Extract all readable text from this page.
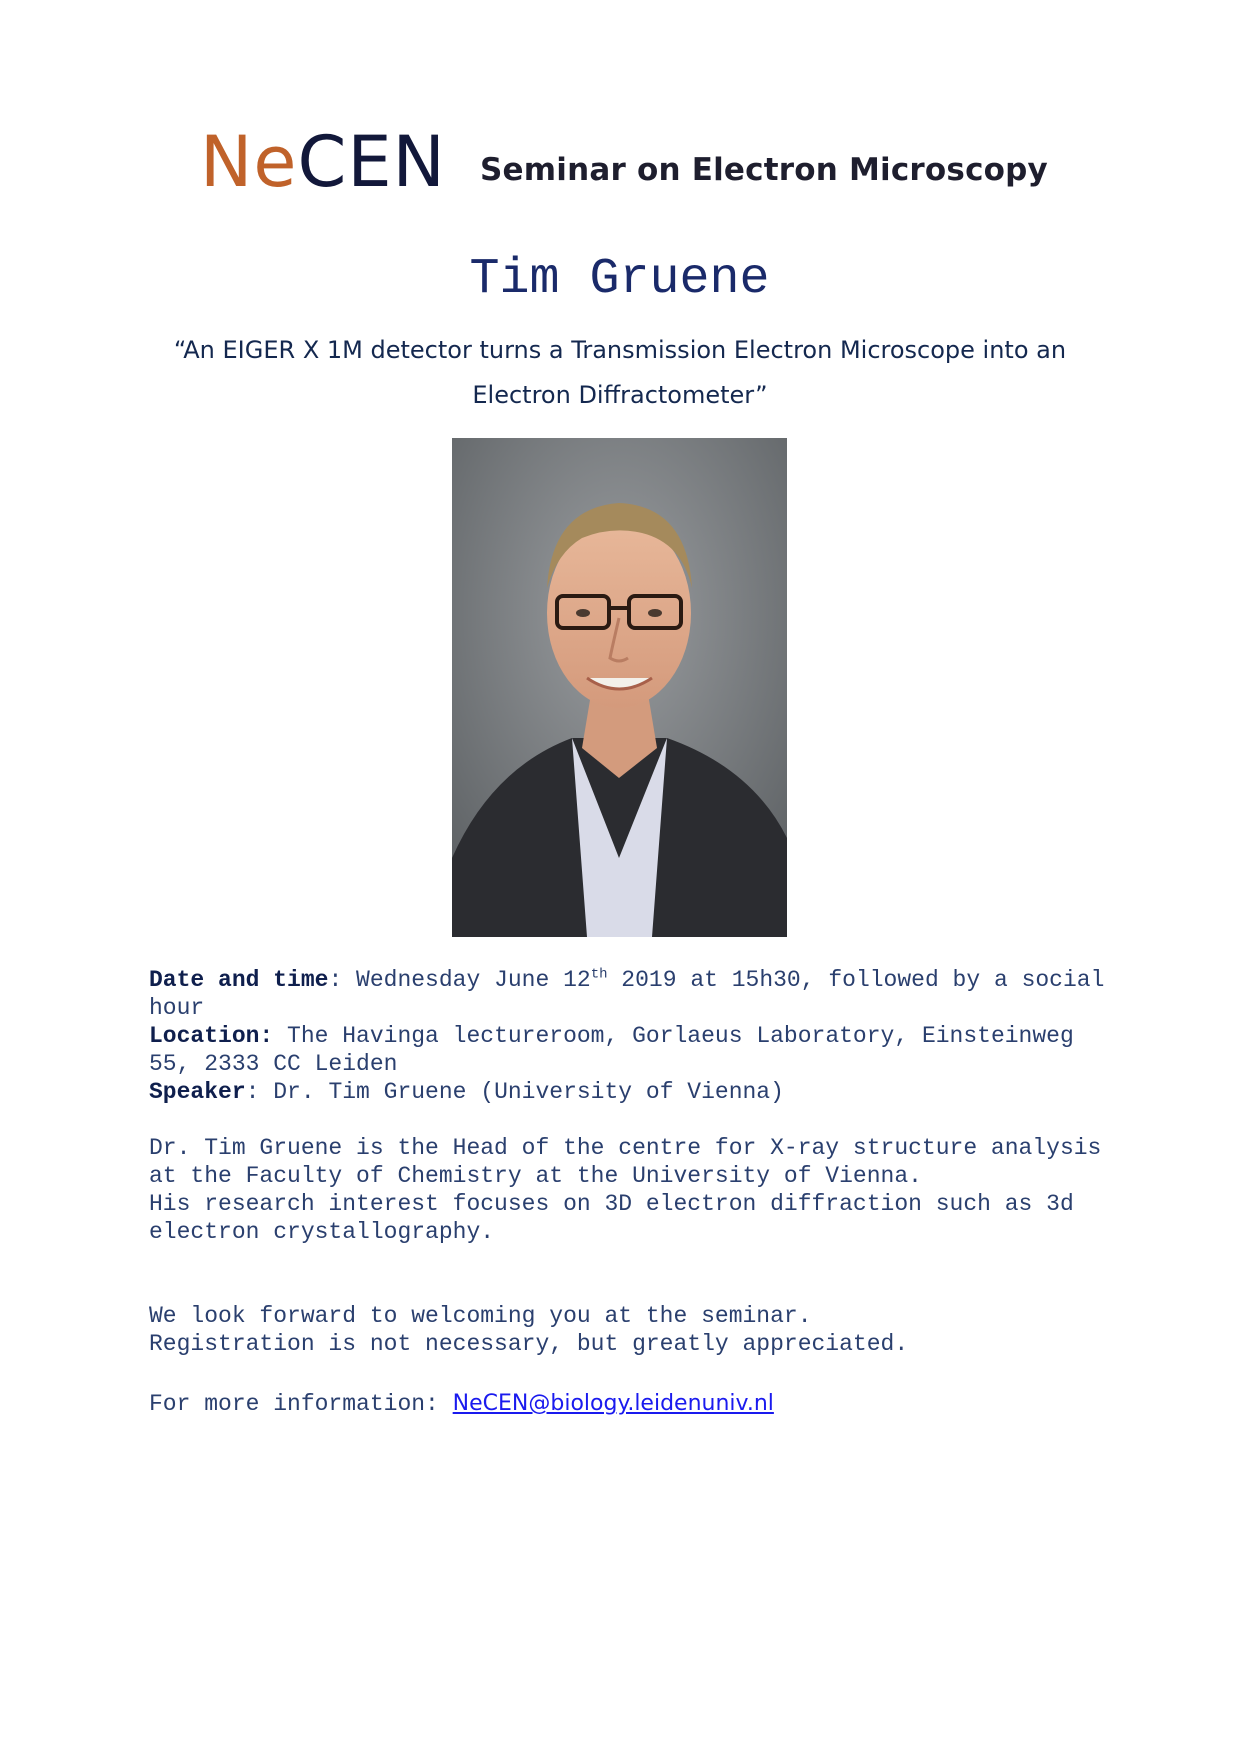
NeCEN Seminar on Electron Microscopy
Tim Gruene
“An EIGER X 1M detector turns a Transmission Electron Microscope into an Electron Diffractometer”

Date and time: Wednesday June 12th 2019 at 15h30, followed by a social hour

Location: The Havinga lectureroom, Gorlaeus Laboratory, Einsteinweg 55, 2333 CC Leiden

Speaker: Dr. Tim Gruene (University of Vienna)

Dr. Tim Gruene is the Head of the centre for X-ray structure analysis at the Faculty of Chemistry at the University of Vienna.

His research interest focuses on 3D electron diffraction such as 3d electron crystallography.

We look forward to welcoming you at the seminar.

Registration is not necessary, but greatly appreciated.

For more information: NeCEN@biology.leidenuniv.nl
